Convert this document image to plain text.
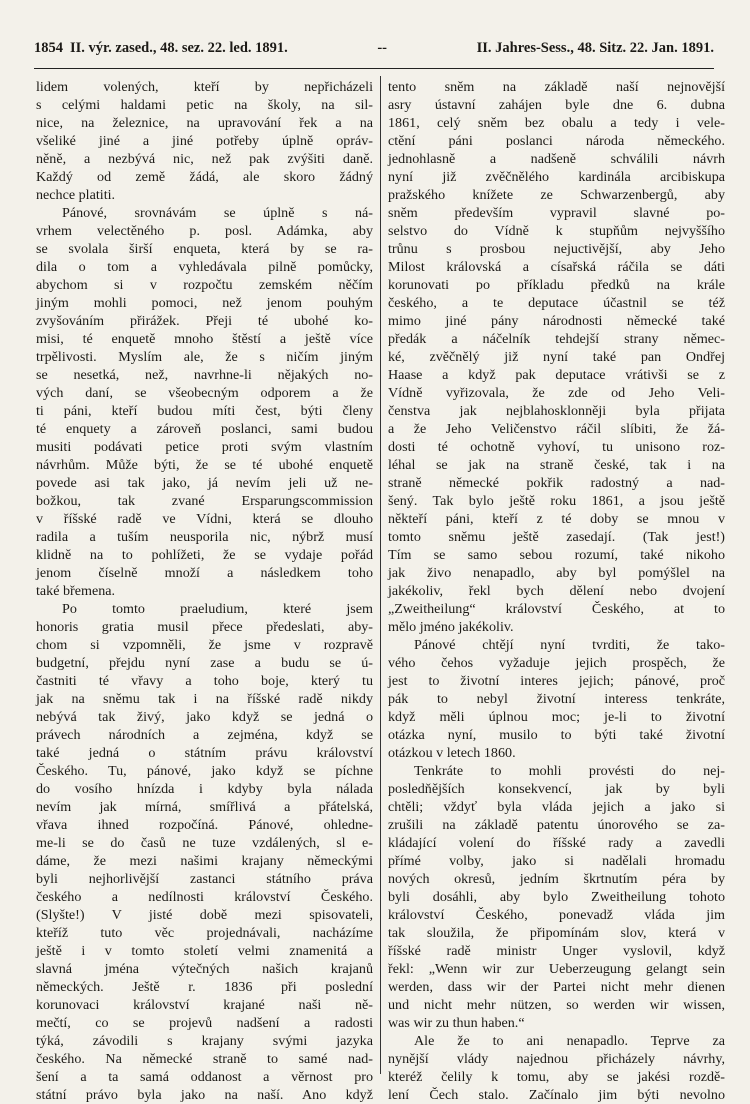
1854 II. výr. zased., 48. sez. 22. led. 1891.	--	II. Jahres-Sess., 48. Sitz. 22. Jan. 1891.
lidem volených, kteří by nepřicházeli
s celými haldami petic na školy, na sil-
nice, na železnice, na upravování řek a na
všeliké jiné a jiné potřeby úplně opráv-
něně, a nezbývá nic, než pak zvýšiti daně.
Každý od země žádá, ale skoro žádný
nechce platiti.
Pánové, srovnávám se úplně s ná-
vrhem velectěného p. posl. Adámka, aby
se svolala širší enqueta, která by se ra-
dila o tom a vyhledávala pilně pomůcky,
abychom si v rozpočtu zemském něčím
jiným mohli pomoci, než jenom pouhým
zvyšováním přirážek. Přeji té ubohé ko-
misi, té enquetě mnoho štěstí a ještě více
trpělivosti. Myslím ale, že s ničím jiným
se nesetká, než, navrhne-li nějakých no-
vých daní, se všeobecným odporem a že
ti páni, kteří budou míti čest, býti členy
té enquety a zároveň poslanci, sami budou
musiti podávati petice proti svým vlastním
návrhům. Může býti, že se té ubohé enquetě
povede asi tak jako, já nevím jeli už ne-
božkou, tak zvané Ersparungscommission
v říšské radě ve Vídni, která se dlouho
radila a tuším neusporila nic, nýbrž musí
klidně na to pohlížeti, že se vydaje pořád
jenom číselně množí a následkem toho
také břemena.
Po tomto praeludium, které jsem
honoris gratia musil přece předeslati, aby-
chom si vzpomněli, že jsme v rozpravě
budgetní, přejdu nyní zase a budu se ú-
častniti té vřavy a toho boje, který tu
jak na sněmu tak i na říšské radě nikdy
nebývá tak živý, jako když se jedná o
právech národních a zejména, když se
také jedná o státním právu království
Českého. Tu, pánové, jako když se píchne
do vosího hnízda i kdyby byla nálada
nevím jak mírná, smířlivá a přátelská,
vřava ihned rozpočíná. Pánové, ohledne-
me-li se do časů ne tuze vzdálených, sl e-
dáme, že mezi našimi krajany německými
byli nejhorlivější zastanci státního práva
českého a nedílnosti království Českého.
(Slyšte!) V jisté době mezi spisovateli,
kteříž tuto věc projednávali, nacházíme
ještě i v tomto století velmi znamenitá a
slavná jména výtečných našich krajanů
německých. Ještě r. 1836 při poslední
korunovaci království krajané naši ně-
mečtí, co se projevů nadšení a radosti
týká, závodili s krajany svými jazyka
českého. Na německé straně to samé nad-
šení a ta samá oddanost a věrnost pro
státní právo byla jako na naší. Ano když
tento sněm na základě naší nejnovější
asry ústavní zahájen byle dne 6. dubna
1861, celý sněm bez obalu a tedy i vele-
ctění páni poslanci národa německého.
jednohlasně a nadšeně schválili návrh
nyní již zvěčnělého kardinála arcibiskupa
pražského knížete ze Schwarzenbergů, aby
sněm především vypravil slavné po-
selstvo do Vídně k stupňům nejvyššího
trůnu s prosbou nejuctivější, aby Jeho
Milost královská a císařská ráčila se dáti
korunovati po příkladu předků na krále
českého, a te deputace účastnil se též
mimo jiné pány národnosti německé také
předák a náčelník tehdejší strany němec-
ké, zvěčnělý již nyní také pan Ondřej
Haase a když pak deputace vrátivši se z
Vídně vyřizovala, že zde od Jeho Veli-
čenstva jak nejblahosklonněji byla přijata
a že Jeho Veličenstvo ráčil slíbiti, že žá-
dosti té ochotně vyhoví, tu unisono roz-
léhal se jak na straně české, tak i na
straně německé pokřik radostný a nad-
šený. Tak bylo ještě roku 1861, a jsou ještě
někteří páni, kteří z té doby se mnou v
tomto sněmu ještě zasedají. (Tak jest!)
Tím se samo sebou rozumí, také nikoho
jak živo nenapadlo, aby byl pomýšlel na
jakékoliv, řekl bych dělení nebo dvojení
„Zweitheilung“ království Českého, at to
mělo jméno jakékoliv.
Pánové chtějí nyní tvrditi, že tako-
vého čehos vyžaduje jejich prospěch, že
jest to životní interes jejich; pánové, proč
pák to nebyl životní interess tenkráte,
když měli úplnou moc; je-li to životní
otázka nyní, musilo to býti také životní
otázkou v letech 1860.
Tenkráte to mohli provésti do nej-
posledňějších konsekvencí, jak by byli
chtěli; vždyť byla vláda jejich a jako si
zrušili na základě patentu únorového se za-
kládající volení do říšské rady a zavedli
přímé volby, jako si nadělali hromadu
nových okresů, jedním škrtnutím péra by
byli dosáhli, aby bylo Zweitheilung tohoto
království Českého, ponevadž vláda jim
tak sloužila, že připomínám slov, která v
říšské radě ministr Unger vyslovil, když
řekl: „Wenn wir zur Ueberzeugung gelangt sein
werden, dass wir der Partei nicht mehr dienen
und nicht mehr nützen, so werden wir wissen,
was wir zu thun haben.“
Ale že to ani nenapadlo. Teprve za
nynější vlády najednou přicházely návrhy,
kteréž čelily k tomu, aby se jakési rozdě-
lení Čech stalo. Začínalo jim býti nevolno
